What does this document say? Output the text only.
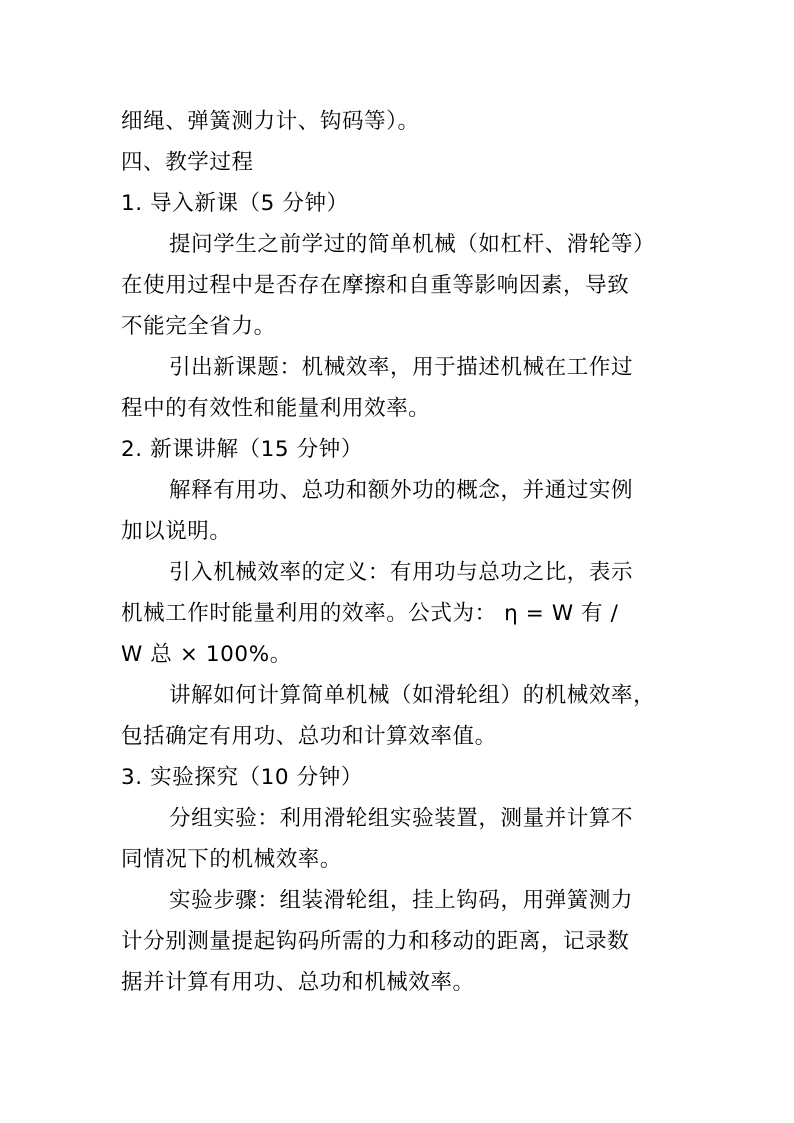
细绳、弹簧测力计、钩码等）。
四、教学过程
1. 导入新课（5 分钟）
提问学生之前学过的简单机械（如杠杆、滑轮等）
在使用过程中是否存在摩擦和自重等影响因素，导致
不能完全省力。
引出新课题：机械效率，用于描述机械在工作过
程中的有效性和能量利用效率。
2. 新课讲解（15 分钟）
解释有用功、总功和额外功的概念，并通过实例
加以说明。
引入机械效率的定义：有用功与总功之比，表示
机械工作时能量利用的效率。公式为： η = W 有 /
W 总 × 100%。
讲解如何计算简单机械（如滑轮组）的机械效率，
包括确定有用功、总功和计算效率值。
3. 实验探究（10 分钟）
分组实验：利用滑轮组实验装置，测量并计算不
同情况下的机械效率。
实验步骤：组装滑轮组，挂上钩码，用弹簧测力
计分别测量提起钩码所需的力和移动的距离，记录数
据并计算有用功、总功和机械效率。
